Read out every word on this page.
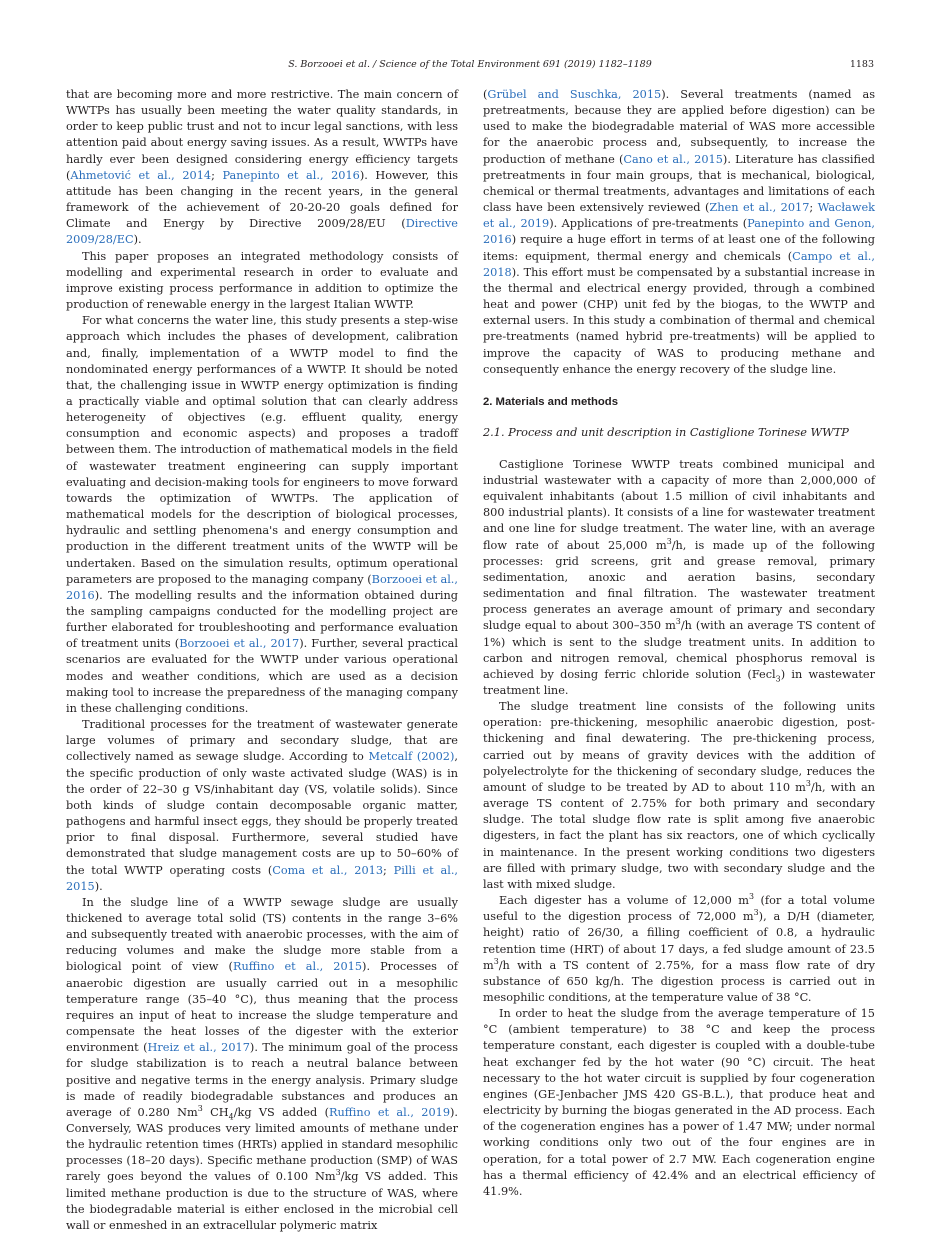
S. Borzooei et al. / Science of the Total Environment 691 (2019) 1182–1189	1183

that are becoming more and more restrictive. The main concern of WWTPs has usually been meeting the water quality standards, in order to keep public trust and not to incur legal sanctions, with less attention paid about energy saving issues. As a result, WWTPs have hardly ever been designed considering energy efficiency targets (Ahmetović et al., 2014; Panepinto et al., 2016). However, this attitude has been changing in the recent years, in the general framework of the achievement of 20-20-20 goals defined for Climate and Energy by Directive 2009/28/EU (Directive 2009/28/EC).

This paper proposes an integrated methodology consists of modelling and experimental research in order to evaluate and improve existing process performance in addition to optimize the production of renewable energy in the largest Italian WWTP.

For what concerns the water line, this study presents a step-wise approach which includes the phases of development, calibration and, finally, implementation of a WWTP model to find the nondominated energy performances of a WWTP. It should be noted that, the challenging issue in WWTP energy optimization is finding a practically viable and optimal solution that can clearly address heterogeneity of objectives (e.g. effluent quality, energy consumption and economic aspects) and proposes a tradoff between them. The introduction of mathematical models in the field of wastewater treatment engineering can supply important evaluating and decision-making tools for engineers to move forward towards the optimization of WWTPs. The application of mathematical models for the description of biological processes, hydraulic and settling phenomena's and energy consumption and production in the different treatment units of the WWTP will be undertaken. Based on the simulation results, optimum operational parameters are proposed to the managing company (Borzooei et al., 2016). The modelling results and the information obtained during the sampling campaigns conducted for the modelling project are further elaborated for troubleshooting and performance evaluation of treatment units (Borzooei et al., 2017). Further, several practical scenarios are evaluated for the WWTP under various operational modes and weather conditions, which are used as a decision making tool to increase the preparedness of the managing company in these challenging conditions.

Traditional processes for the treatment of wastewater generate large volumes of primary and secondary sludge, that are collectively named as sewage sludge. According to Metcalf (2002), the specific production of only waste activated sludge (WAS) is in the order of 22–30 g VS/inhabitant day (VS, volatile solids). Since both kinds of sludge contain decomposable organic matter, pathogens and harmful insect eggs, they should be properly treated prior to final disposal. Furthermore, several studied have demonstrated that sludge management costs are up to 50–60% of the total WWTP operating costs (Coma et al., 2013; Pilli et al., 2015).

In the sludge line of a WWTP sewage sludge are usually thickened to average total solid (TS) contents in the range 3–6% and subsequently treated with anaerobic processes, with the aim of reducing volumes and make the sludge more stable from a biological point of view (Ruffino et al., 2015). Processes of anaerobic digestion are usually carried out in a mesophilic temperature range (35–40 °C), thus meaning that the process requires an input of heat to increase the sludge temperature and compensate the heat losses of the digester with the exterior environment (Hreiz et al., 2017). The minimum goal of the process for sludge stabilization is to reach a neutral balance between positive and negative terms in the energy analysis. Primary sludge is made of readily biodegradable substances and produces an average of 0.280 Nm$^3$ $CH_4/kg$ VS added (Ruffino et al., 2019). Conversely, WAS produces very limited amounts of methane under the hydraulic retention times (HRTs) applied in standard mesophilic processes (18–20 days). Specific methane production (SMP) of WAS rarely goes beyond the values of 0.100 Nm$^3$/kg VS added. This limited methane production is due to the structure of WAS, where the biodegradable material is either enclosed in the microbial cell wall or enmeshed in an extracellular polymeric matrix

(Grübel and Suschka, 2015). Several treatments (named as pretreatments, because they are applied before digestion) can be used to make the biodegradable material of WAS more accessible for the anaerobic process and, subsequently, to increase the production of methane (Cano et al., 2015). Literature has classified pretreatments in four main groups, that is mechanical, biological, chemical or thermal treatments, advantages and limitations of each class have been extensively reviewed (Zhen et al., 2017; Wacławek et al., 2019). Applications of pre-treatments (Panepinto and Genon, 2016) require a huge effort in terms of at least one of the following items: equipment, thermal energy and chemicals (Campo et al., 2018). This effort must be compensated by a substantial increase in the thermal and electrical energy provided, through a combined heat and power (CHP) unit fed by the biogas, to the WWTP and external users. In this study a combination of thermal and chemical pre-treatments (named hybrid pre-treatments) will be applied to improve the capacity of WAS to producing methane and consequently enhance the energy recovery of the sludge line.

2. Materials and methods
2.1. Process and unit description in Castiglione Torinese WWTP

Castiglione Torinese WWTP treats combined municipal and industrial wastewater with a capacity of more than 2,000,000 of equivalent inhabitants (about 1.5 million of civil inhabitants and 800 industrial plants). It consists of a line for wastewater treatment and one line for sludge treatment. The water line, with an average flow rate of about 25,000 $m^3/h$, is made up of the following processes: grid screens, grit and grease removal, primary sedimentation, anoxic and aeration basins, secondary sedimentation and final filtration. The wastewater treatment process generates an average amount of primary and secondary sludge equal to about 300–350 $m^3/h$ (with an average TS content of 1%) which is sent to the sludge treatment units. In addition to carbon and nitrogen removal, chemical phosphorus removal is achieved by dosing ferric chloride solution (Fecl$_3$) in wastewater treatment line.

The sludge treatment line consists of the following units operation: pre-thickening, mesophilic anaerobic digestion, post-thickening and final dewatering. The pre-thickening process, carried out by means of gravity devices with the addition of polyelectrolyte for the thickening of secondary sludge, reduces the amount of sludge to be treated by AD to about 110 $m^3/h$, with an average TS content of 2.75% for both primary and secondary sludge. The total sludge flow rate is split among five anaerobic digesters, in fact the plant has six reactors, one of which cyclically in maintenance. In the present working conditions two digesters are filled with primary sludge, two with secondary sludge and the last with mixed sludge.

Each digester has a volume of 12,000 $m^3$ (for a total volume useful to the digestion process of 72,000 $m^3$), a D/H (diameter, height) ratio of 26/30, a filling coefficient of 0.8, a hydraulic retention time (HRT) of about 17 days, a fed sludge amount of 23.5 $m^3/h$ with a TS content of 2.75%, for a mass flow rate of dry substance of 650 kg/h. The digestion process is carried out in mesophilic conditions, at the temperature value of 38 °C.

In order to heat the sludge from the average temperature of 15 °C (ambient temperature) to 38 °C and keep the process temperature constant, each digester is coupled with a double-tube heat exchanger fed by the hot water (90 °C) circuit. The heat necessary to the hot water circuit is supplied by four cogeneration engines (GE-Jenbacher JMS 420 GS-B.L.), that produce heat and electricity by burning the biogas generated in the AD process. Each of the cogeneration engines has a power of 1.47 MW; under normal working conditions only two out of the four engines are in operation, for a total power of 2.7 MW. Each cogeneration engine has a thermal efficiency of 42.4% and an electrical efficiency of 41.9%.
